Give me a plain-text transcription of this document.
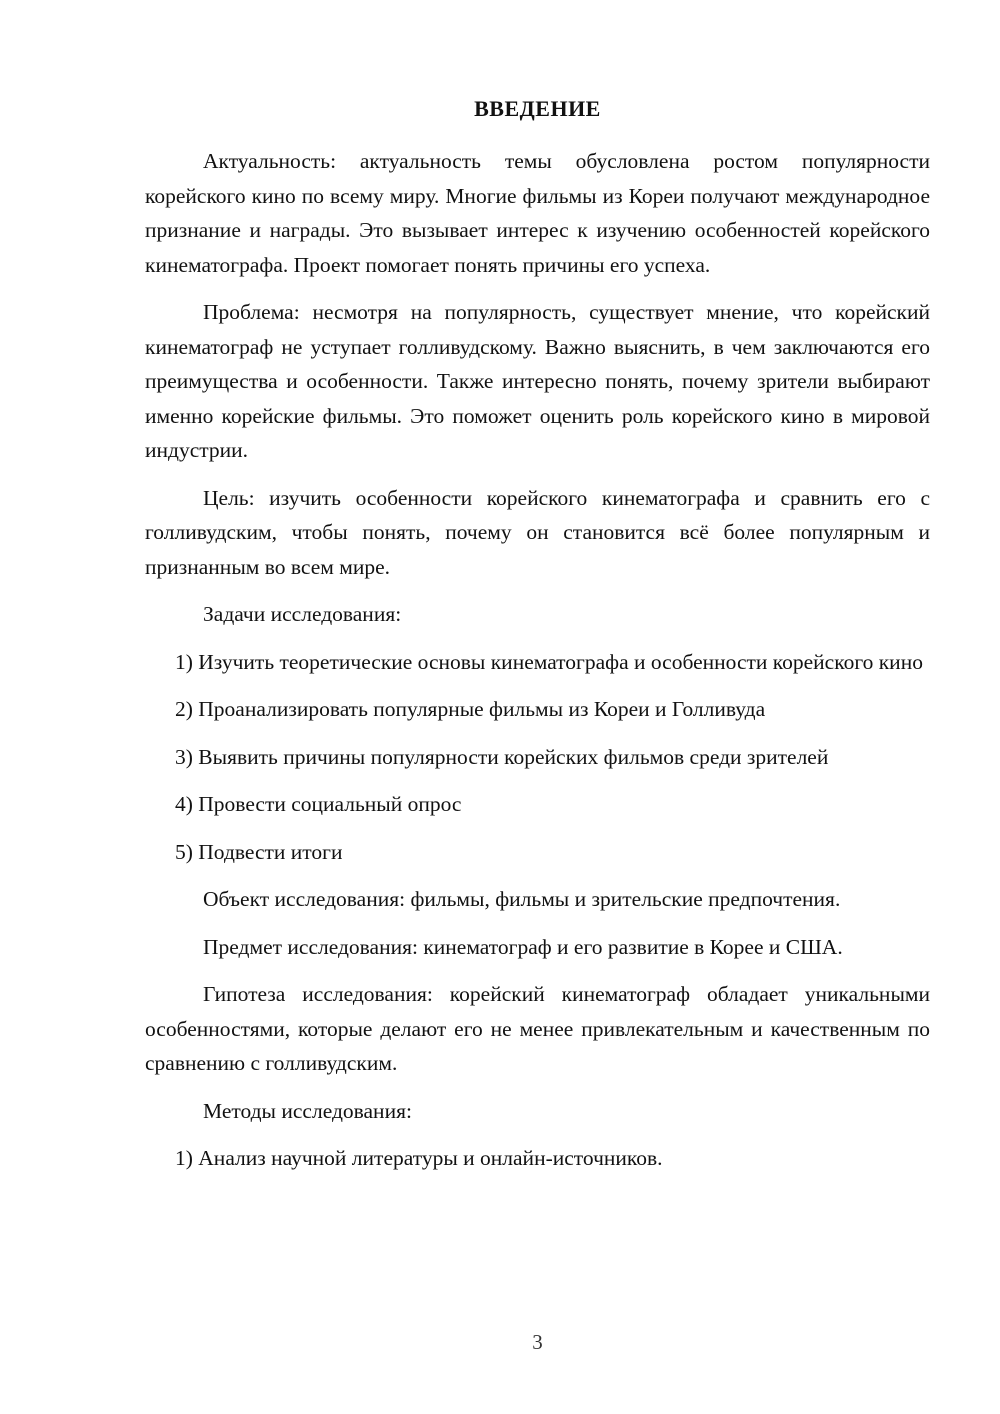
ВВЕДЕНИЕ

Актуальность: актуальность темы обусловлена ростом популярности корейского кино по всему миру. Многие фильмы из Кореи получают международное признание и награды. Это вызывает интерес к изучению особенностей корейского кинематографа. Проект помогает понять причины его успеха.

Проблема: несмотря на популярность, существует мнение, что корейский кинематограф не уступает голливудскому. Важно выяснить, в чем заключаются его преимущества и особенности. Также интересно понять, почему зрители выбирают именно корейские фильмы. Это поможет оценить роль корейского кино в мировой индустрии.

Цель: изучить особенности корейского кинематографа и сравнить его с голливудским, чтобы понять, почему он становится всё более популярным и признанным во всем мире.

Задачи исследования:

1) Изучить теоретические основы кинематографа и особенности корейского кино

2) Проанализировать популярные фильмы из Кореи и Голливуда

3) Выявить причины популярности корейских фильмов среди зрителей

4) Провести социальный опрос

5) Подвести итоги

Объект исследования: фильмы, фильмы и зрительские предпочтения.

Предмет исследования: кинематограф и его развитие в Корее и США.

Гипотеза исследования: корейский кинематограф обладает уникальными особенностями, которые делают его не менее привлекательным и качественным по сравнению с голливудским.

Методы исследования:

1) Анализ научной литературы и онлайн-источников.

3
